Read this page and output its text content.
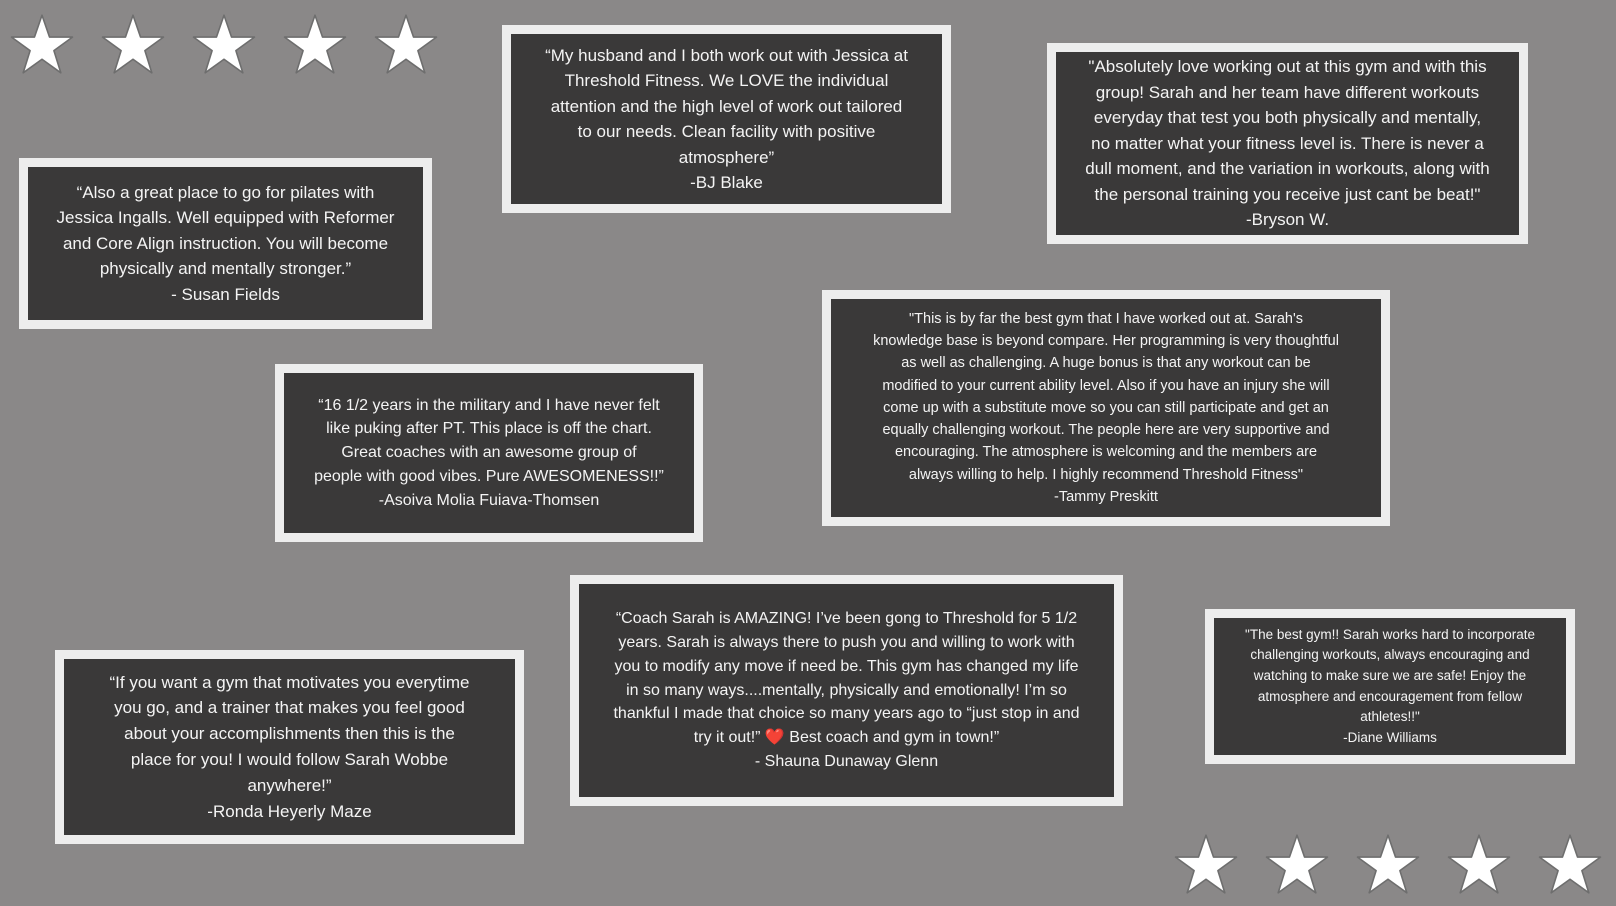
“My husband and I both work out with Jessica at
Threshold Fitness. We LOVE the individual
attention and the high level of work out tailored
to our needs. Clean facility with positive
atmosphere”

-BJ Blake

"Absolutely love working out at this gym and with this
group! Sarah and her team have different workouts
everyday that test you both physically and mentally,
no matter what your fitness level is. There is never a
dull moment, and the variation in workouts, along with
the personal training you receive just cant be beat!"

-Bryson W.

“Also a great place to go for pilates with
Jessica Ingalls. Well equipped with Reformer
and Core Align instruction. You will become
physically and mentally stronger.”

- Susan Fields

"This is by far the best gym that I have worked out at. Sarah's
knowledge base is beyond compare. Her programming is very thoughtful
as well as challenging. A huge bonus is that any workout can be
modified to your current ability level. Also if you have an injury she will
come up with a substitute move so you can still participate and get an
equally challenging workout. The people here are very supportive and
encouraging. The atmosphere is welcoming and the members are
always willing to help. I highly recommend Threshold Fitness"

-Tammy Preskitt

“16 1/2 years in the military and I have never felt
like puking after PT. This place is off the chart.
Great coaches with an awesome group of
people with good vibes. Pure AWESOMENESS!!”

-Asoiva Molia Fuiava-Thomsen

“Coach Sarah is AMAZING! I’ve been gong to Threshold for 5 1/2
years. Sarah is always there to push you and willing to work with
you to modify any move if need be. This gym has changed my life
in so many ways....mentally, physically and emotionally! I’m so
thankful I made that choice so many years ago to “just stop in and
try it out!” ❤️ Best coach and gym in town!”

- Shauna Dunaway Glenn

"The best gym!! Sarah works hard to incorporate
challenging workouts, always encouraging and
watching to make sure we are safe! Enjoy the
atmosphere and encouragement from fellow
athletes!!"

-Diane Williams

“If you want a gym that motivates you everytime
you go, and a trainer that makes you feel good
about your accomplishments then this is the
place for you! I would follow Sarah Wobbe
anywhere!”

-Ronda Heyerly Maze
